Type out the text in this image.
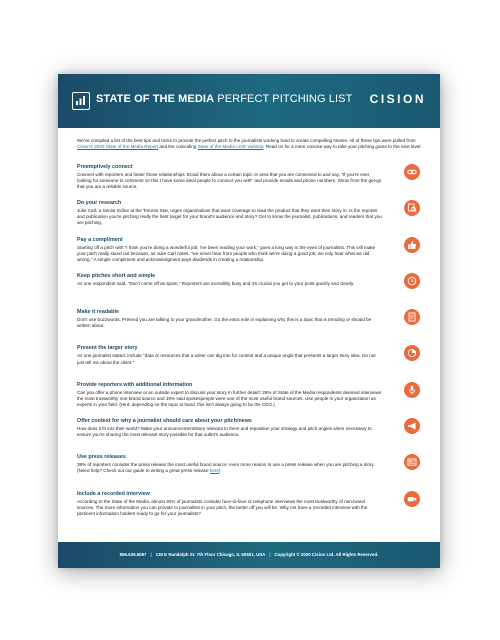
STATE OF THE MEDIA PERFECT PITCHING LIST CISION
We've compiled a list of the best tips and tricks to provide the perfect pitch to the journalists working hard to create compelling stories. All of these tips were pulled from Cision's 2020 State of the Media Report and the coinciding State of the Media LIVE webinar. Read on for a more concise way to take your pitching game to the next level.
Preemptively connect
Connect with reporters and foster those relationships. Email them about a certain topic or area that you are connected to and say, "If you're ever looking for someone to comment on this I have some ideal people to connect you with" and provide emails and phone numbers. Show from the get-go that you are a reliable source.
Do your research
Julie Carl, a Senior Editor at the Toronto Star, urges organizations that want coverage to read the product that they want their story in. Is the reporter and publication you're pitching really the best target for your brand's audience and story? Get to know the journalist, publications, and readers that you are pitching.
Pay a compliment
Starting off a pitch with "I think you're doing a wonderful job; I've been reading your work," goes a long way in the eyes of journalists. This will make your pitch really stand out because, as Julie Carl notes, "we never hear from people who think we're doing a good job; we only hear what we did wrong." A simple compliment and acknowledgment pays dividends in creating a relationship.
Keep pitches short and simple
As one respondent said, "Don't come off as spam." Reporters are incredibly busy and it's crucial you get to your point quickly and clearly.
Make it readable
Don't use buzzwords. Pretend you are talking to your grandmother. Go the extra mile in explaining why this is a topic that is trending or should be written about.
Present the larger story
As one journalist stated, include "data or resources that a writer can dig into for context and a unique angle that presents a larger story idea. Do not just tell me about the client."
Provide reporters with additional information
Can you offer a phone interview or an outside expert to discuss your story in further detail? 28% of State of the Media respondents deemed interviews the most trustworthy non-brand source and 19% said spokespeople were one of the most useful brand sources. Use people in your organization as experts in your field. (Hint: depending on the topic at hand, this isn't always going to be the CEO.)
Offer context for why a journalist should care about your pitch/news
How does it fit into their world? Make your announcement/story relevant to them and reposition your strategy and pitch angles when necessary to ensure you're sharing the most relevant story possible for that outlet's audience.
Use press releases
38% of reporters consider the press release the most useful brand source; even more reason to use a press release when you are pitching a story. (Need help? Check out our guide to writing a great press release here)
Include a recorded interview
According to the State of the Media, almost 30% of journalists consider face-to-face or telephone interviews the most trustworthy of non-brand sources. The more information you can provide to journalists in your pitch, the better off you will be. Why not have a recorded interview with the pertinent information holders ready to go for your journalists?
866.639.5087 | 130 E Randolph St. 7th Floor Chicago, IL 60601, USA | Copyright © 2020 Cision Ltd. All Rights Reserved.
